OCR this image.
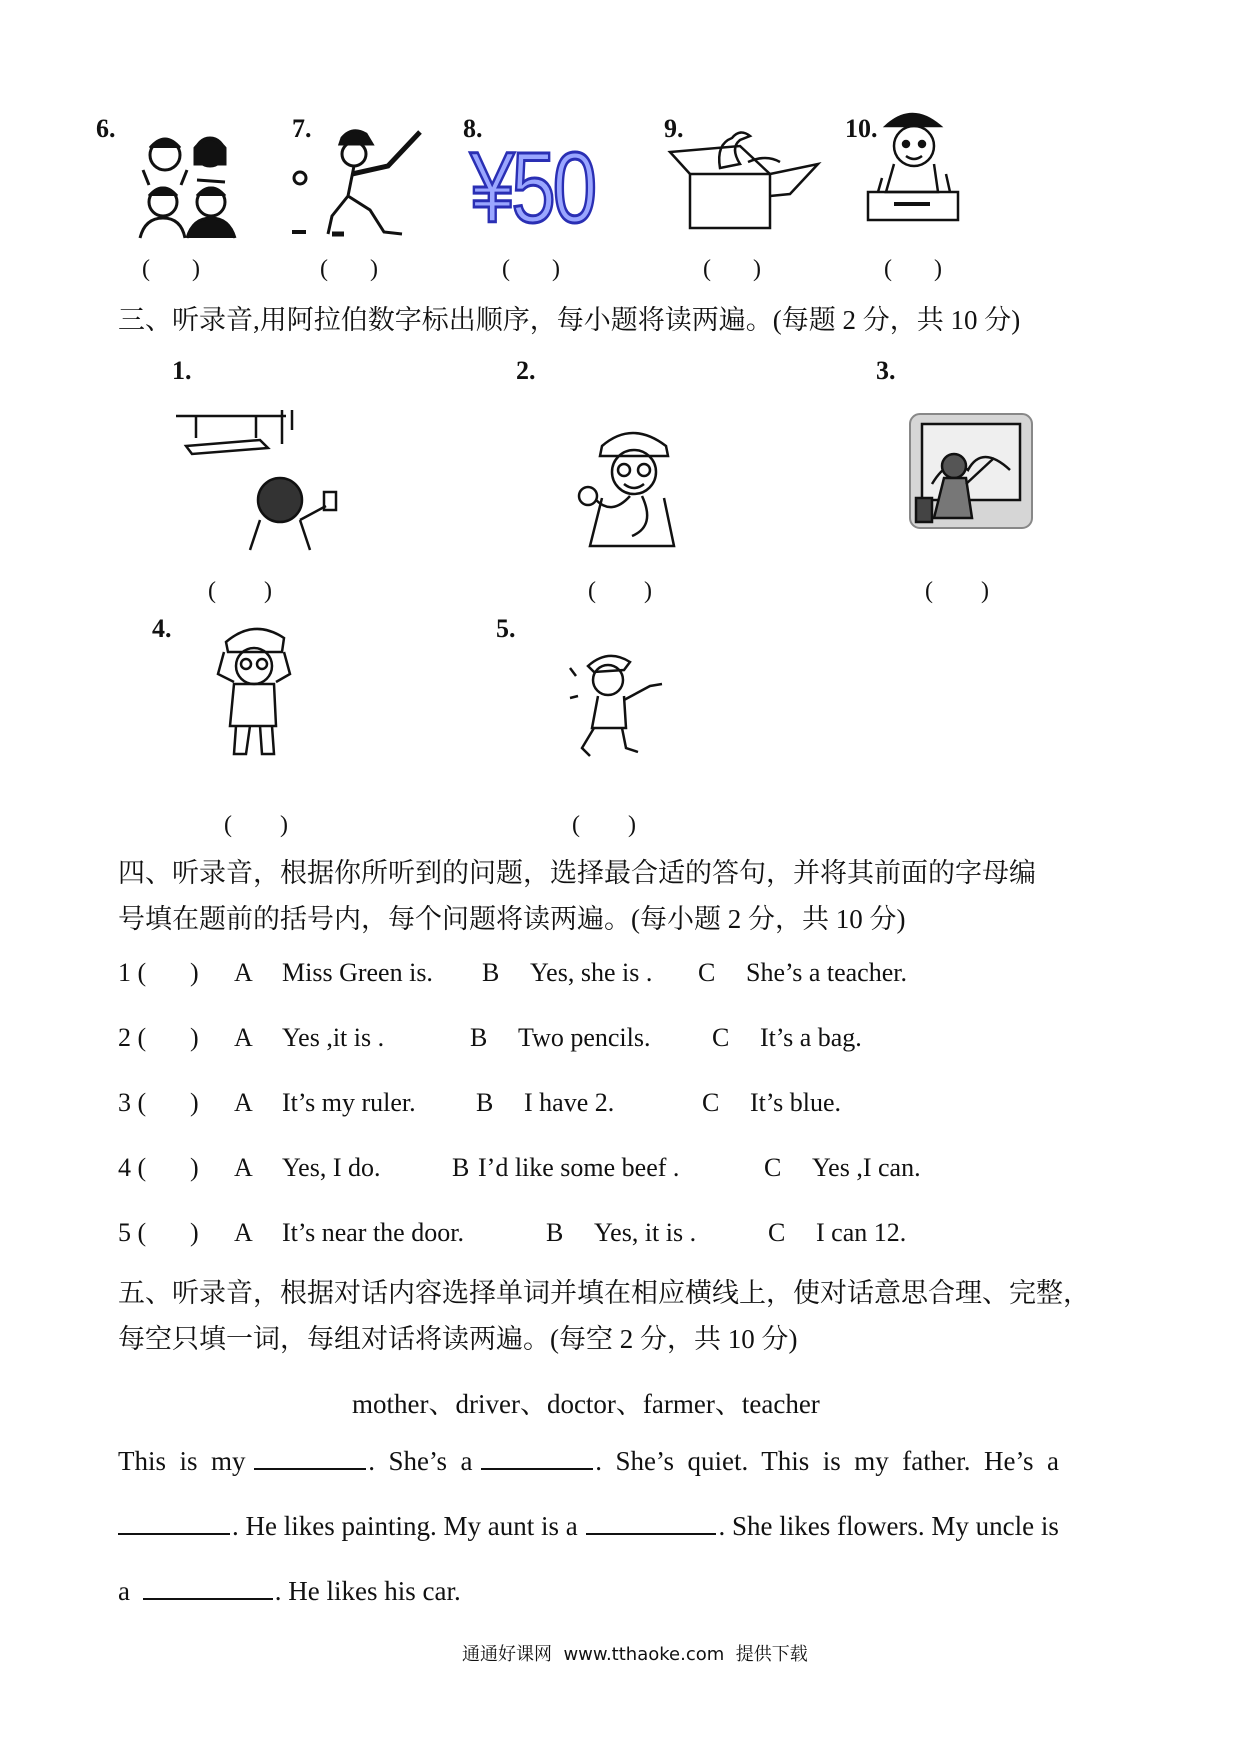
6.	7.	8.	9.	10.
¥50
(       )	(       )	(       )	(       )	(       )
三、听录音,用阿拉伯数字标出顺序，每小题将读两遍。(每题 2 分，共 10 分)
1.	2.	3.
(        )	(        )	(        )
4.	5.
(        )	(        )
四、听录音，根据你所听到的问题，选择最合适的答句，并将其前面的字母编
号填在题前的括号内，每个问题将读两遍。(每小题 2 分，共 10 分)
1 ( ) A Miss Green is. B Yes, she is . C She’s a teacher.
2 ( ) A Yes ,it is .	B Two pencils. C It’s a bag.
3 ( ) A It’s my ruler. B I have 2.	C It’s blue.
4 ( ) A Yes, I do.	B I’d like some beef .	C Yes ,I can.
5 ( ) A It’s near the door.	B Yes, it is .	C I can 12.
五、听录音，根据对话内容选择单词并填在相应横线上，使对话意思合理、完整，
每空只填一词，每组对话将读两遍。(每空 2 分，共 10 分)
mother、driver、doctor、farmer、teacher
This  is  my	.  She’s  a	.  She’s  quiet.  This  is  my  father.  He’s  a
. He likes painting. My aunt is a	. She likes flowers. My uncle is
a	. He likes his car.
通通好课网  www.tthaoke.com  提供下载
